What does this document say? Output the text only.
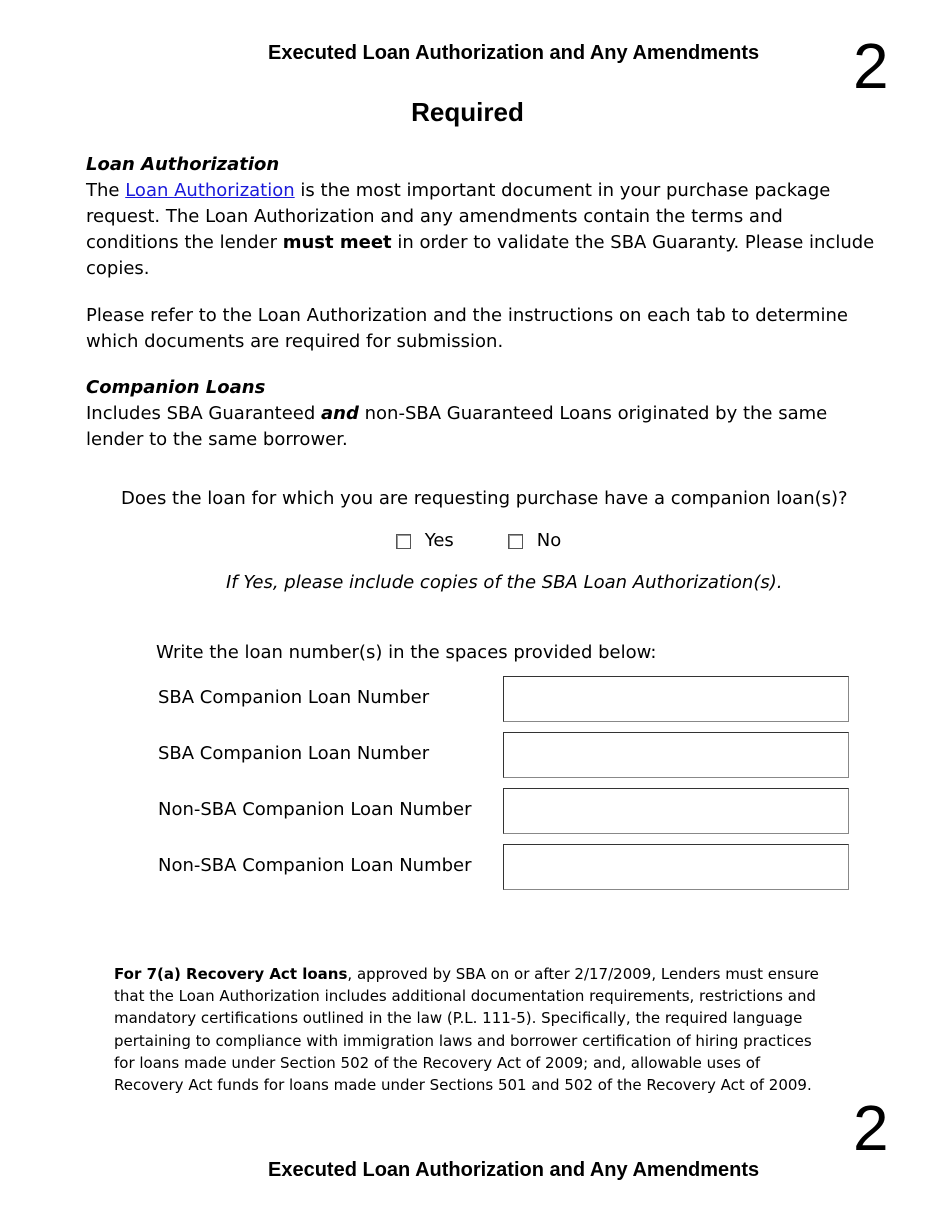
Executed Loan Authorization and Any Amendments 2
Required
Loan Authorization
The Loan Authorization is the most important document in your purchase package request. The Loan Authorization and any amendments contain the terms and conditions the lender must meet in order to validate the SBA Guaranty. Please include copies.
Please refer to the Loan Authorization and the instructions on each tab to determine which documents are required for submission.
Companion Loans
Includes SBA Guaranteed and non-SBA Guaranteed Loans originated by the same lender to the same borrower.
Does the loan for which you are requesting purchase have a companion loan(s)?
Yes	No
If Yes, please include copies of the SBA Loan Authorization(s).
Write the loan number(s) in the spaces provided below:
SBA Companion Loan Number
SBA Companion Loan Number
Non-SBA Companion Loan Number
Non-SBA Companion Loan Number
For 7(a) Recovery Act loans, approved by SBA on or after 2/17/2009, Lenders must ensure that the Loan Authorization includes additional documentation requirements, restrictions and mandatory certifications outlined in the law (P.L. 111-5). Specifically, the required language pertaining to compliance with immigration laws and borrower certification of hiring practices for loans made under Section 502 of the Recovery Act of 2009; and, allowable uses of Recovery Act funds for loans made under Sections 501 and 502 of the Recovery Act of 2009.
2
Executed Loan Authorization and Any Amendments
